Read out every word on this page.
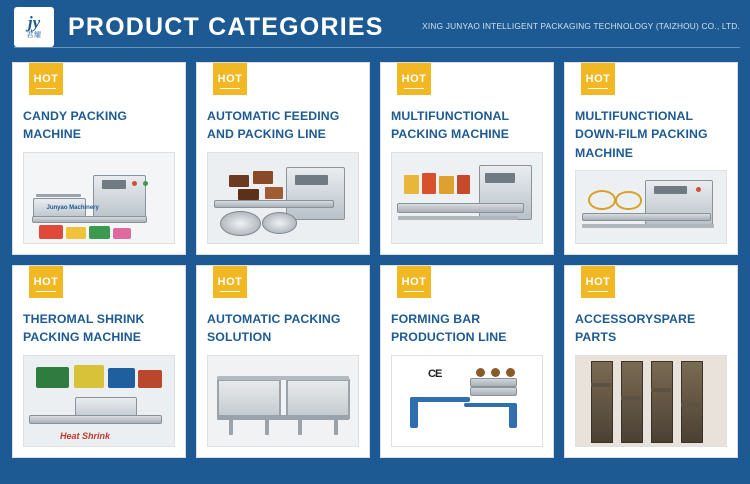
jy
君耀 PRODUCT CATEGORIES	XING JUNYAO INTELLIGENT PACKAGING TECHNOLOGY (TAIZHOU) CO., LTD.
HOT
CANDY PACKING MACHINE
Junyao Machinery
HOT
AUTOMATIC FEEDING AND PACKING LINE
HOT
MULTIFUNCTIONAL PACKING MACHINE
HOT
MULTIFUNCTIONAL DOWN-FILM PACKING MACHINE
HOT
THEROMAL SHRINK PACKING MACHINE
Heat Shrink
HOT
AUTOMATIC PACKING SOLUTION
HOT
FORMING BAR PRODUCTION LINE
CE
HOT
ACCESSORYSPARE PARTS
